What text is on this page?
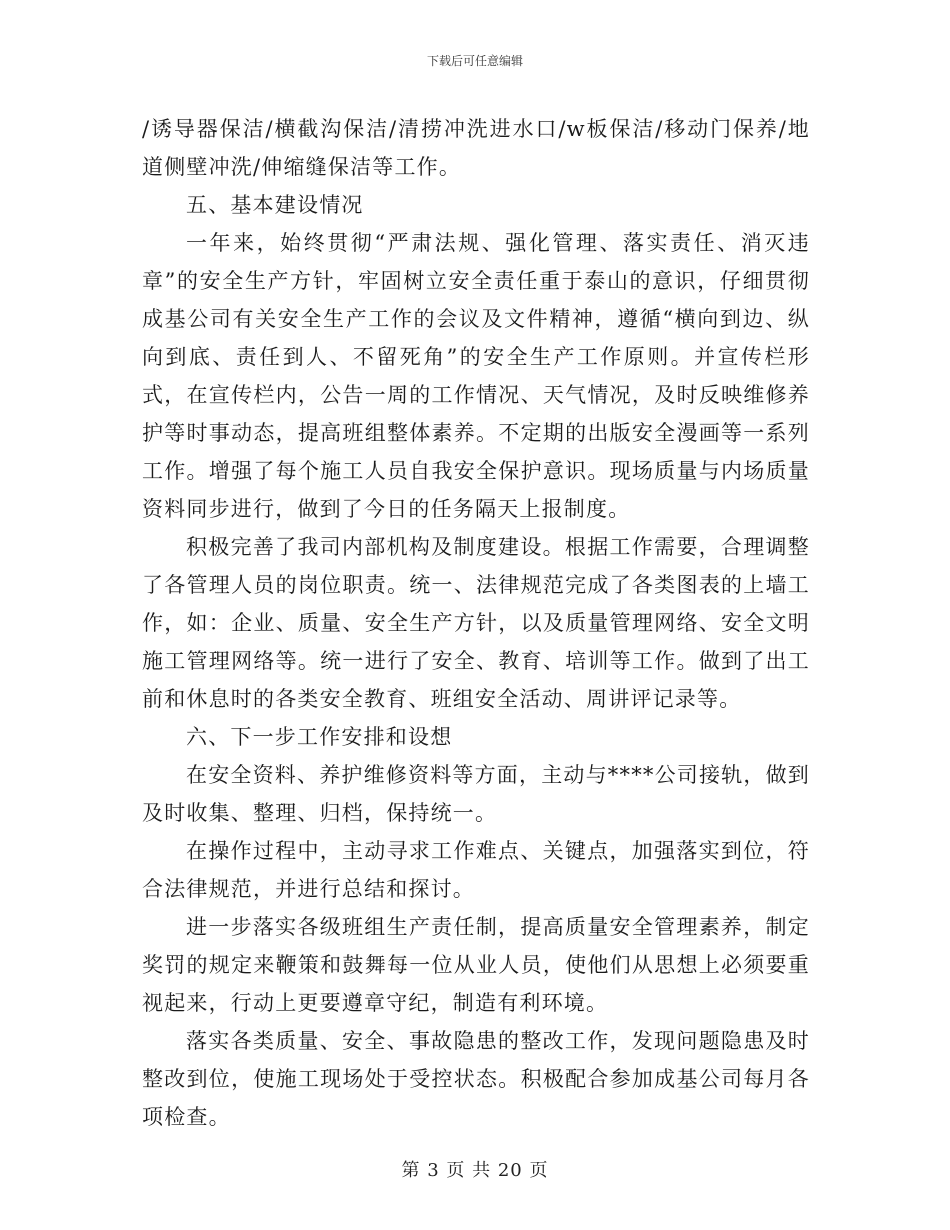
下载后可任意编辑

/诱导器保洁/横截沟保洁/清捞冲洗进水口/w板保洁/移动门保养/地道侧壁冲洗/伸缩缝保洁等工作。

五、基本建设情况

一年来，始终贯彻“严肃法规、强化管理、落实责任、消灭违章”的安全生产方针，牢固树立安全责任重于泰山的意识，仔细贯彻成基公司有关安全生产工作的会议及文件精神，遵循“横向到边、纵向到底、责任到人、不留死角”的安全生产工作原则。并宣传栏形式，在宣传栏内，公告一周的工作情况、天气情况，及时反映维修养护等时事动态，提高班组整体素养。不定期的出版安全漫画等一系列工作。增强了每个施工人员自我安全保护意识。现场质量与内场质量资料同步进行，做到了今日的任务隔天上报制度。

积极完善了我司内部机构及制度建设。根据工作需要，合理调整了各管理人员的岗位职责。统一、法律规范完成了各类图表的上墙工作，如：企业、质量、安全生产方针，以及质量管理网络、安全文明施工管理网络等。统一进行了安全、教育、培训等工作。做到了出工前和休息时的各类安全教育、班组安全活动、周讲评记录等。

六、下一步工作安排和设想

在安全资料、养护维修资料等方面，主动与****公司接轨，做到及时收集、整理、归档，保持统一。

在操作过程中，主动寻求工作难点、关键点，加强落实到位，符合法律规范，并进行总结和探讨。

进一步落实各级班组生产责任制，提高质量安全管理素养，制定奖罚的规定来鞭策和鼓舞每一位从业人员，使他们从思想上必须要重视起来，行动上更要遵章守纪，制造有利环境。

落实各类质量、安全、事故隐患的整改工作，发现问题隐患及时整改到位，使施工现场处于受控状态。积极配合参加成基公司每月各项检查。

第 3 页 共 20 页
